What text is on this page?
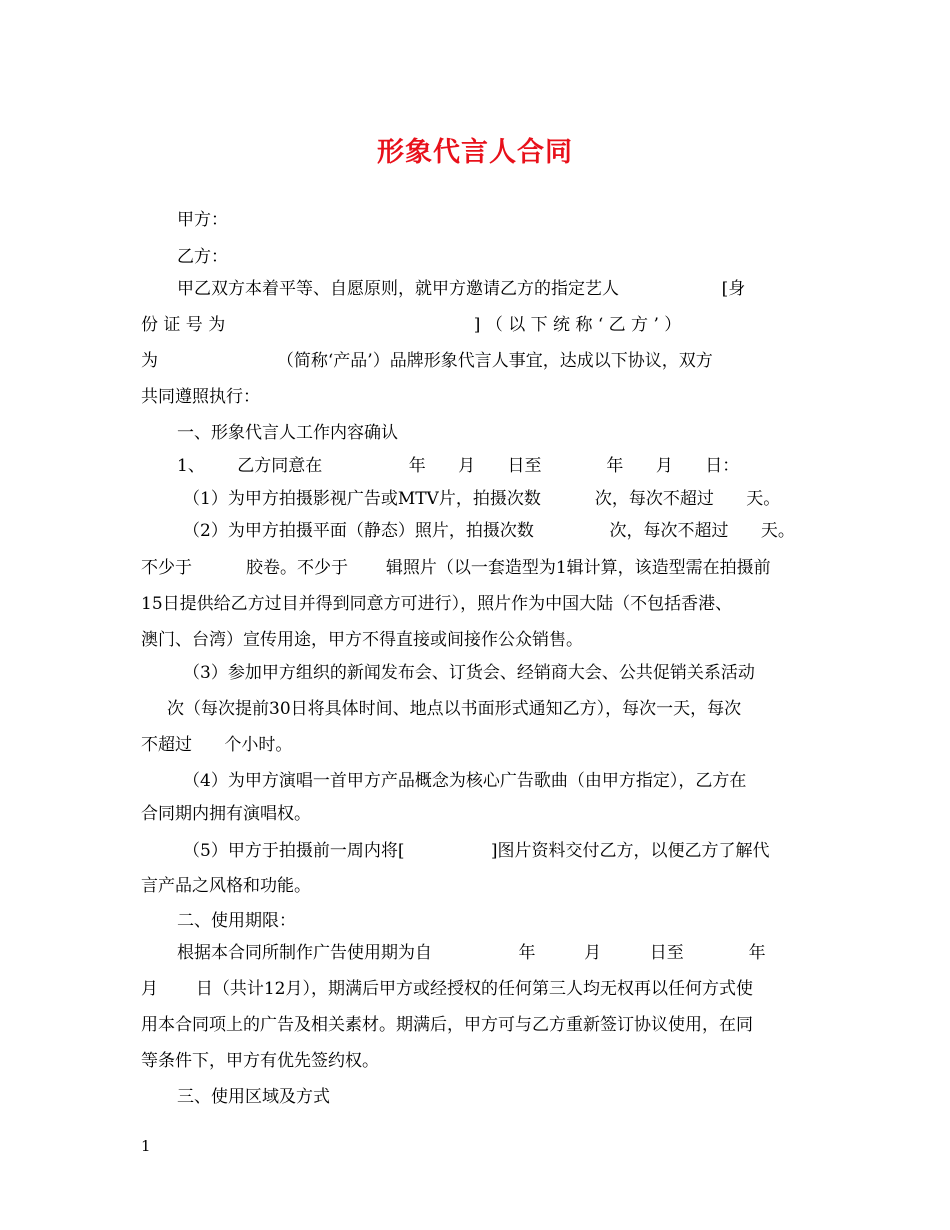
形象代言人合同
甲方：
乙方：
甲乙双方本着平等、自愿原则，就甲方邀请乙方的指定艺人                   [身
份 证 号 为                                              ] （ 以 下 统 称 ‘ 乙 方 ’ ）
为                      （简称‘产品’）品牌形象代言人事宜，达成以下协议，双方
共同遵照执行：
一、形象代言人工作内容确认
1、      乙方同意在                年      月      日至            年      月      日：
（1）为甲方拍摄影视广告或MTV片，拍摄次数          次，每次不超过      天。
（2）为甲方拍摄平面（静态）照片，拍摄次数              次，每次不超过      天。
不少于          胶卷。不少于       辑照片（以一套造型为1辑计算，该造型需在拍摄前
15日提供给乙方过目并得到同意方可进行），照片作为中国大陆（不包括香港、
澳门、台湾）宣传用途，甲方不得直接或间接作公众销售。
（3）参加甲方组织的新闻发布会、订货会、经销商大会、公共促销关系活动
次（每次提前30日将具体时间、地点以书面形式通知乙方），每次一天，每次
不超过      个小时。
（4）为甲方演唱一首甲方产品概念为核心广告歌曲（由甲方指定），乙方在
合同期内拥有演唱权。
（5）甲方于拍摄前一周内将[                ]图片资料交付乙方，以便乙方了解代
言产品之风格和功能。
二、使用期限：
根据本合同所制作广告使用期为自                年         月         日至            年
月       日（共计12月），期满后甲方或经授权的任何第三人均无权再以任何方式使
用本合同项上的广告及相关素材。期满后，甲方可与乙方重新签订协议使用，在同
等条件下，甲方有优先签约权。
三、使用区域及方式
1
